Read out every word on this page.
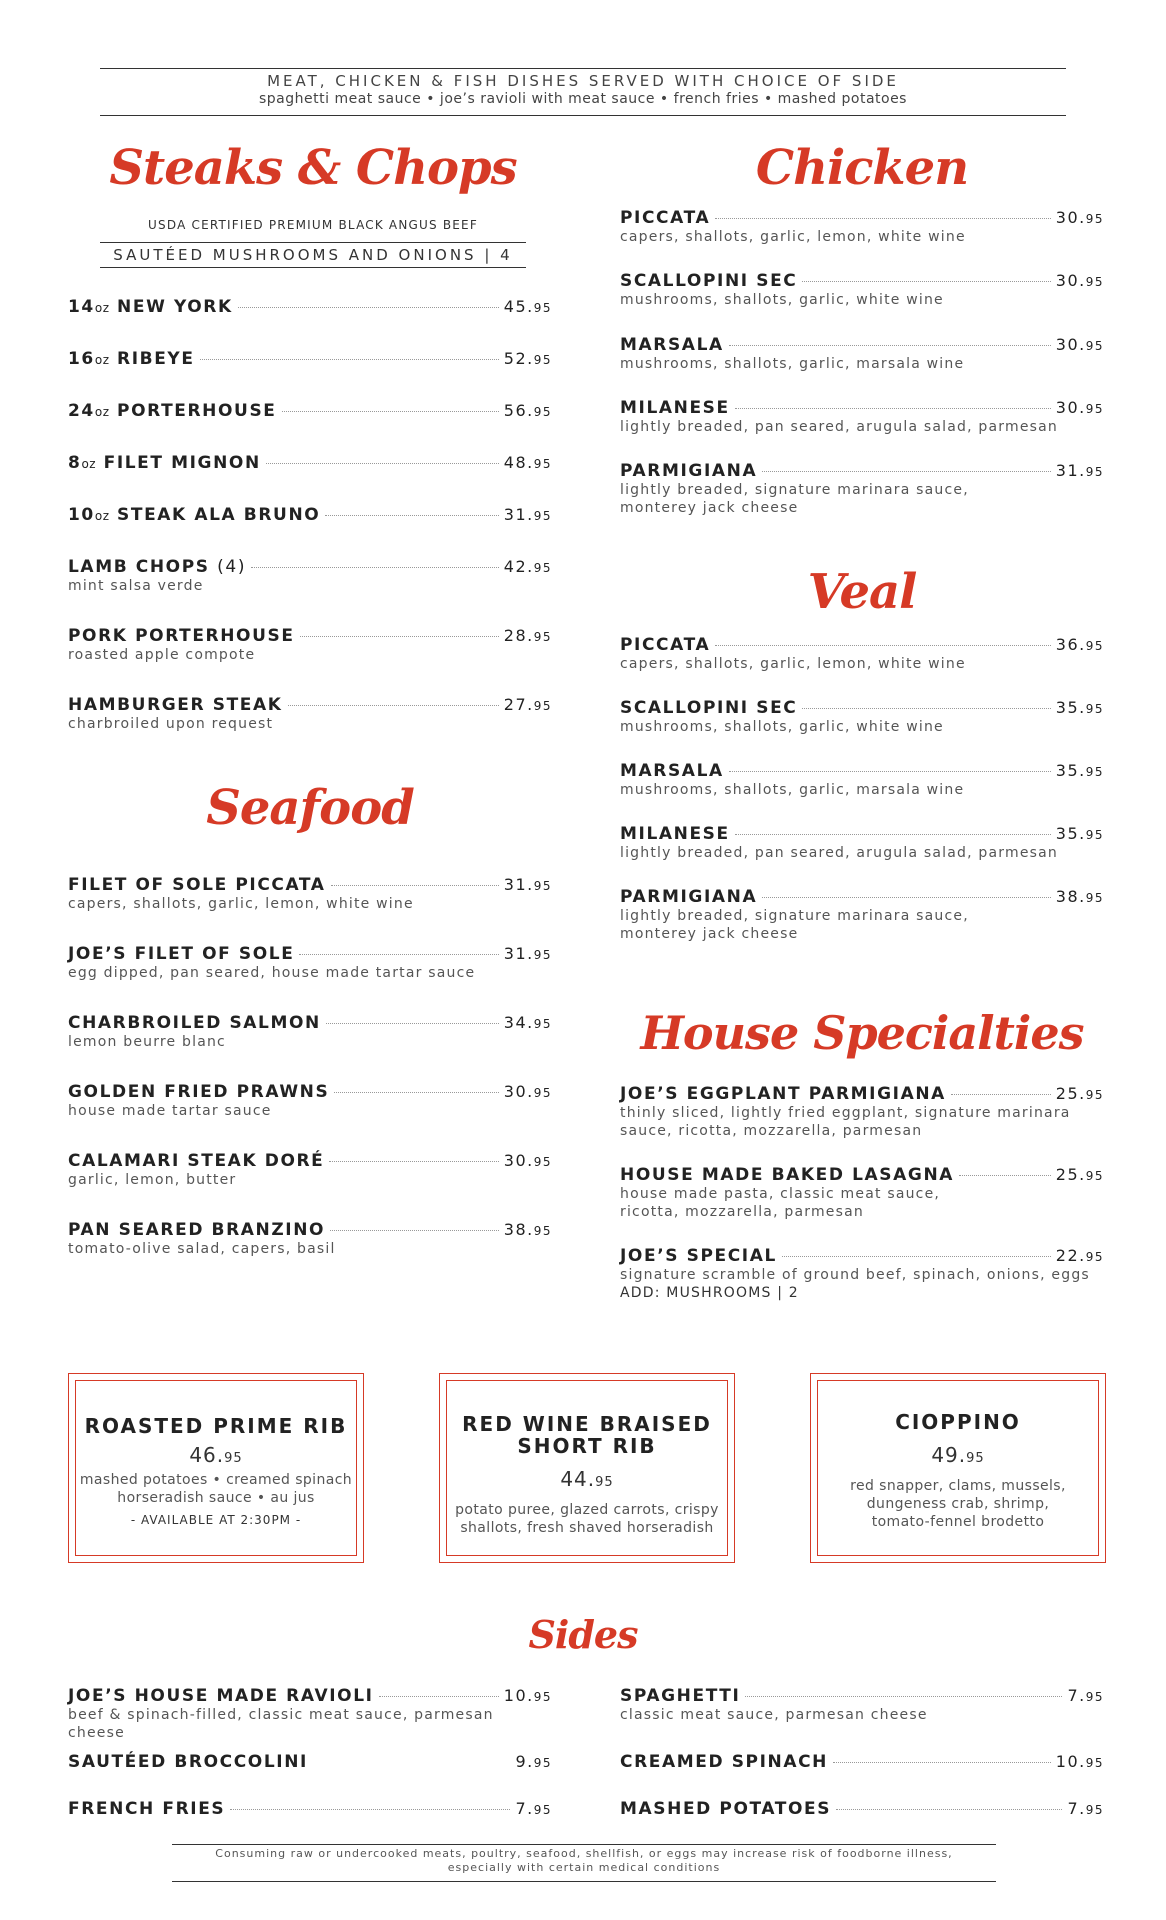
MEAT, CHICKEN & FISH DISHES SERVED WITH CHOICE OF SIDE
spaghetti meat sauce • joe’s ravioli with meat sauce • french fries • mashed potatoes
Steaks & Chops
USDA CERTIFIED PREMIUM BLACK ANGUS BEEF
SAUTÉED MUSHROOMS AND ONIONS | 4
14oz NEW YORK	45.95
16oz RIBEYE	52.95
24oz PORTERHOUSE	56.95
8oz FILET MIGNON	48.95
10oz STEAK ALA BRUNO	31.95
LAMB CHOPS (4)	42.95
mint salsa verde
PORK PORTERHOUSE	28.95
roasted apple compote
HAMBURGER STEAK	27.95
charbroiled upon request
Seafood
FILET OF SOLE PICCATA	31.95
capers, shallots, garlic, lemon, white wine
JOE’S FILET OF SOLE	31.95
egg dipped, pan seared, house made tartar sauce
CHARBROILED SALMON	34.95
lemon beurre blanc
GOLDEN FRIED PRAWNS	30.95
house made tartar sauce
CALAMARI STEAK DORÉ	30.95
garlic, lemon, butter
PAN SEARED BRANZINO	38.95
tomato-olive salad, capers, basil
Chicken
PICCATA	30.95
capers, shallots, garlic, lemon, white wine
SCALLOPINI SEC	30.95
mushrooms, shallots, garlic, white wine
MARSALA	30.95
mushrooms, shallots, garlic, marsala wine
MILANESE	30.95
lightly breaded, pan seared, arugula salad, parmesan
PARMIGIANA	31.95
lightly breaded, signature marinara sauce,
monterey jack cheese
Veal
PICCATA	36.95
capers, shallots, garlic, lemon, white wine
SCALLOPINI SEC	35.95
mushrooms, shallots, garlic, white wine
MARSALA	35.95
mushrooms, shallots, garlic, marsala wine
MILANESE	35.95
lightly breaded, pan seared, arugula salad, parmesan
PARMIGIANA	38.95
lightly breaded, signature marinara sauce,
monterey jack cheese
House Specialties
JOE’S EGGPLANT PARMIGIANA	25.95
thinly sliced, lightly fried eggplant, signature marinara
sauce, ricotta, mozzarella, parmesan
HOUSE MADE BAKED LASAGNA	25.95
house made pasta, classic meat sauce,
ricotta, mozzarella, parmesan
JOE’S SPECIAL	22.95
signature scramble of ground beef, spinach, onions, eggs
ADD: MUSHROOMS | 2
ROASTED PRIME RIB
46.95
mashed potatoes • creamed spinach
horseradish sauce • au jus
- AVAILABLE AT 2:30PM -
RED WINE BRAISED
SHORT RIB
44.95
potato puree, glazed carrots, crispy
shallots, fresh shaved horseradish
CIOPPINO
49.95
red snapper, clams, mussels,
dungeness crab, shrimp,
tomato-fennel brodetto
Sides
JOE’S HOUSE MADE RAVIOLI	10.95
beef & spinach-filled, classic meat sauce, parmesan cheese
SAUTÉED BROCCOLINI	9.95
FRENCH FRIES	7.95
SPAGHETTI	7.95
classic meat sauce, parmesan cheese
CREAMED SPINACH	10.95
MASHED POTATOES	7.95
Consuming raw or undercooked meats, poultry, seafood, shellfish, or eggs may increase risk of foodborne illness,
especially with certain medical conditions
